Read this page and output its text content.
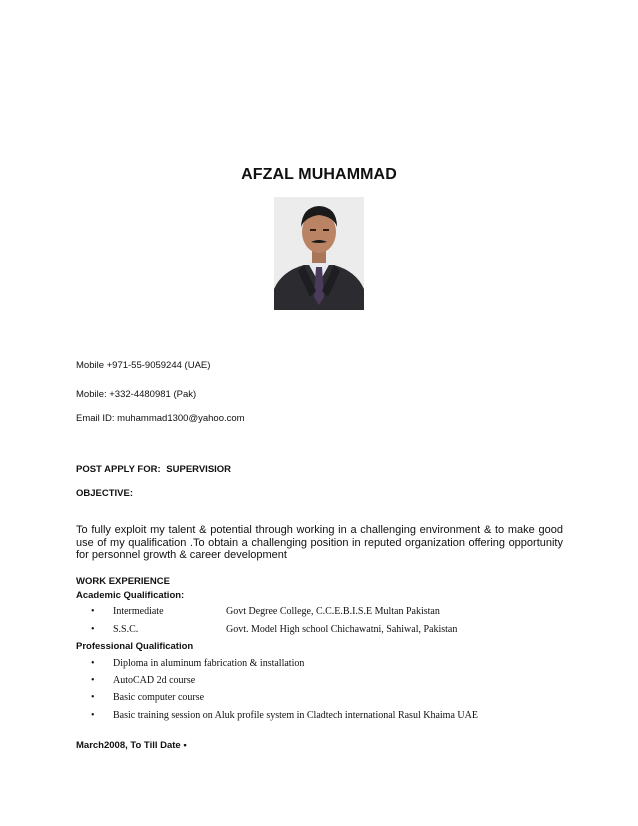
AFZAL MUHAMMAD
Mobile +971-55-9059244 (UAE)
Mobile: +332-4480981 (Pak)
Email ID: muhammad1300@yahoo.com
POST APPLY FOR: SUPERVISIOR
OBJECTIVE:
To fully exploit my talent & potential through working in a challenging environment & to make good use of my qualification .To obtain a challenging position in reputed organization offering opportunity for personnel growth & career development
WORK EXPERIENCE
Academic Qualification:
• Intermediate	Govt Degree College, C.C.E.B.I.S.E Multan Pakistan
• S.S.C.	Govt. Model High school Chichawatni, Sahiwal, Pakistan
Professional Qualification
• Diploma in aluminum fabrication & installation
• AutoCAD 2d course
• Basic computer course
• Basic training session on Aluk profile system in Cladtech international Rasul Khaima UAE
March2008, To Till Date •
